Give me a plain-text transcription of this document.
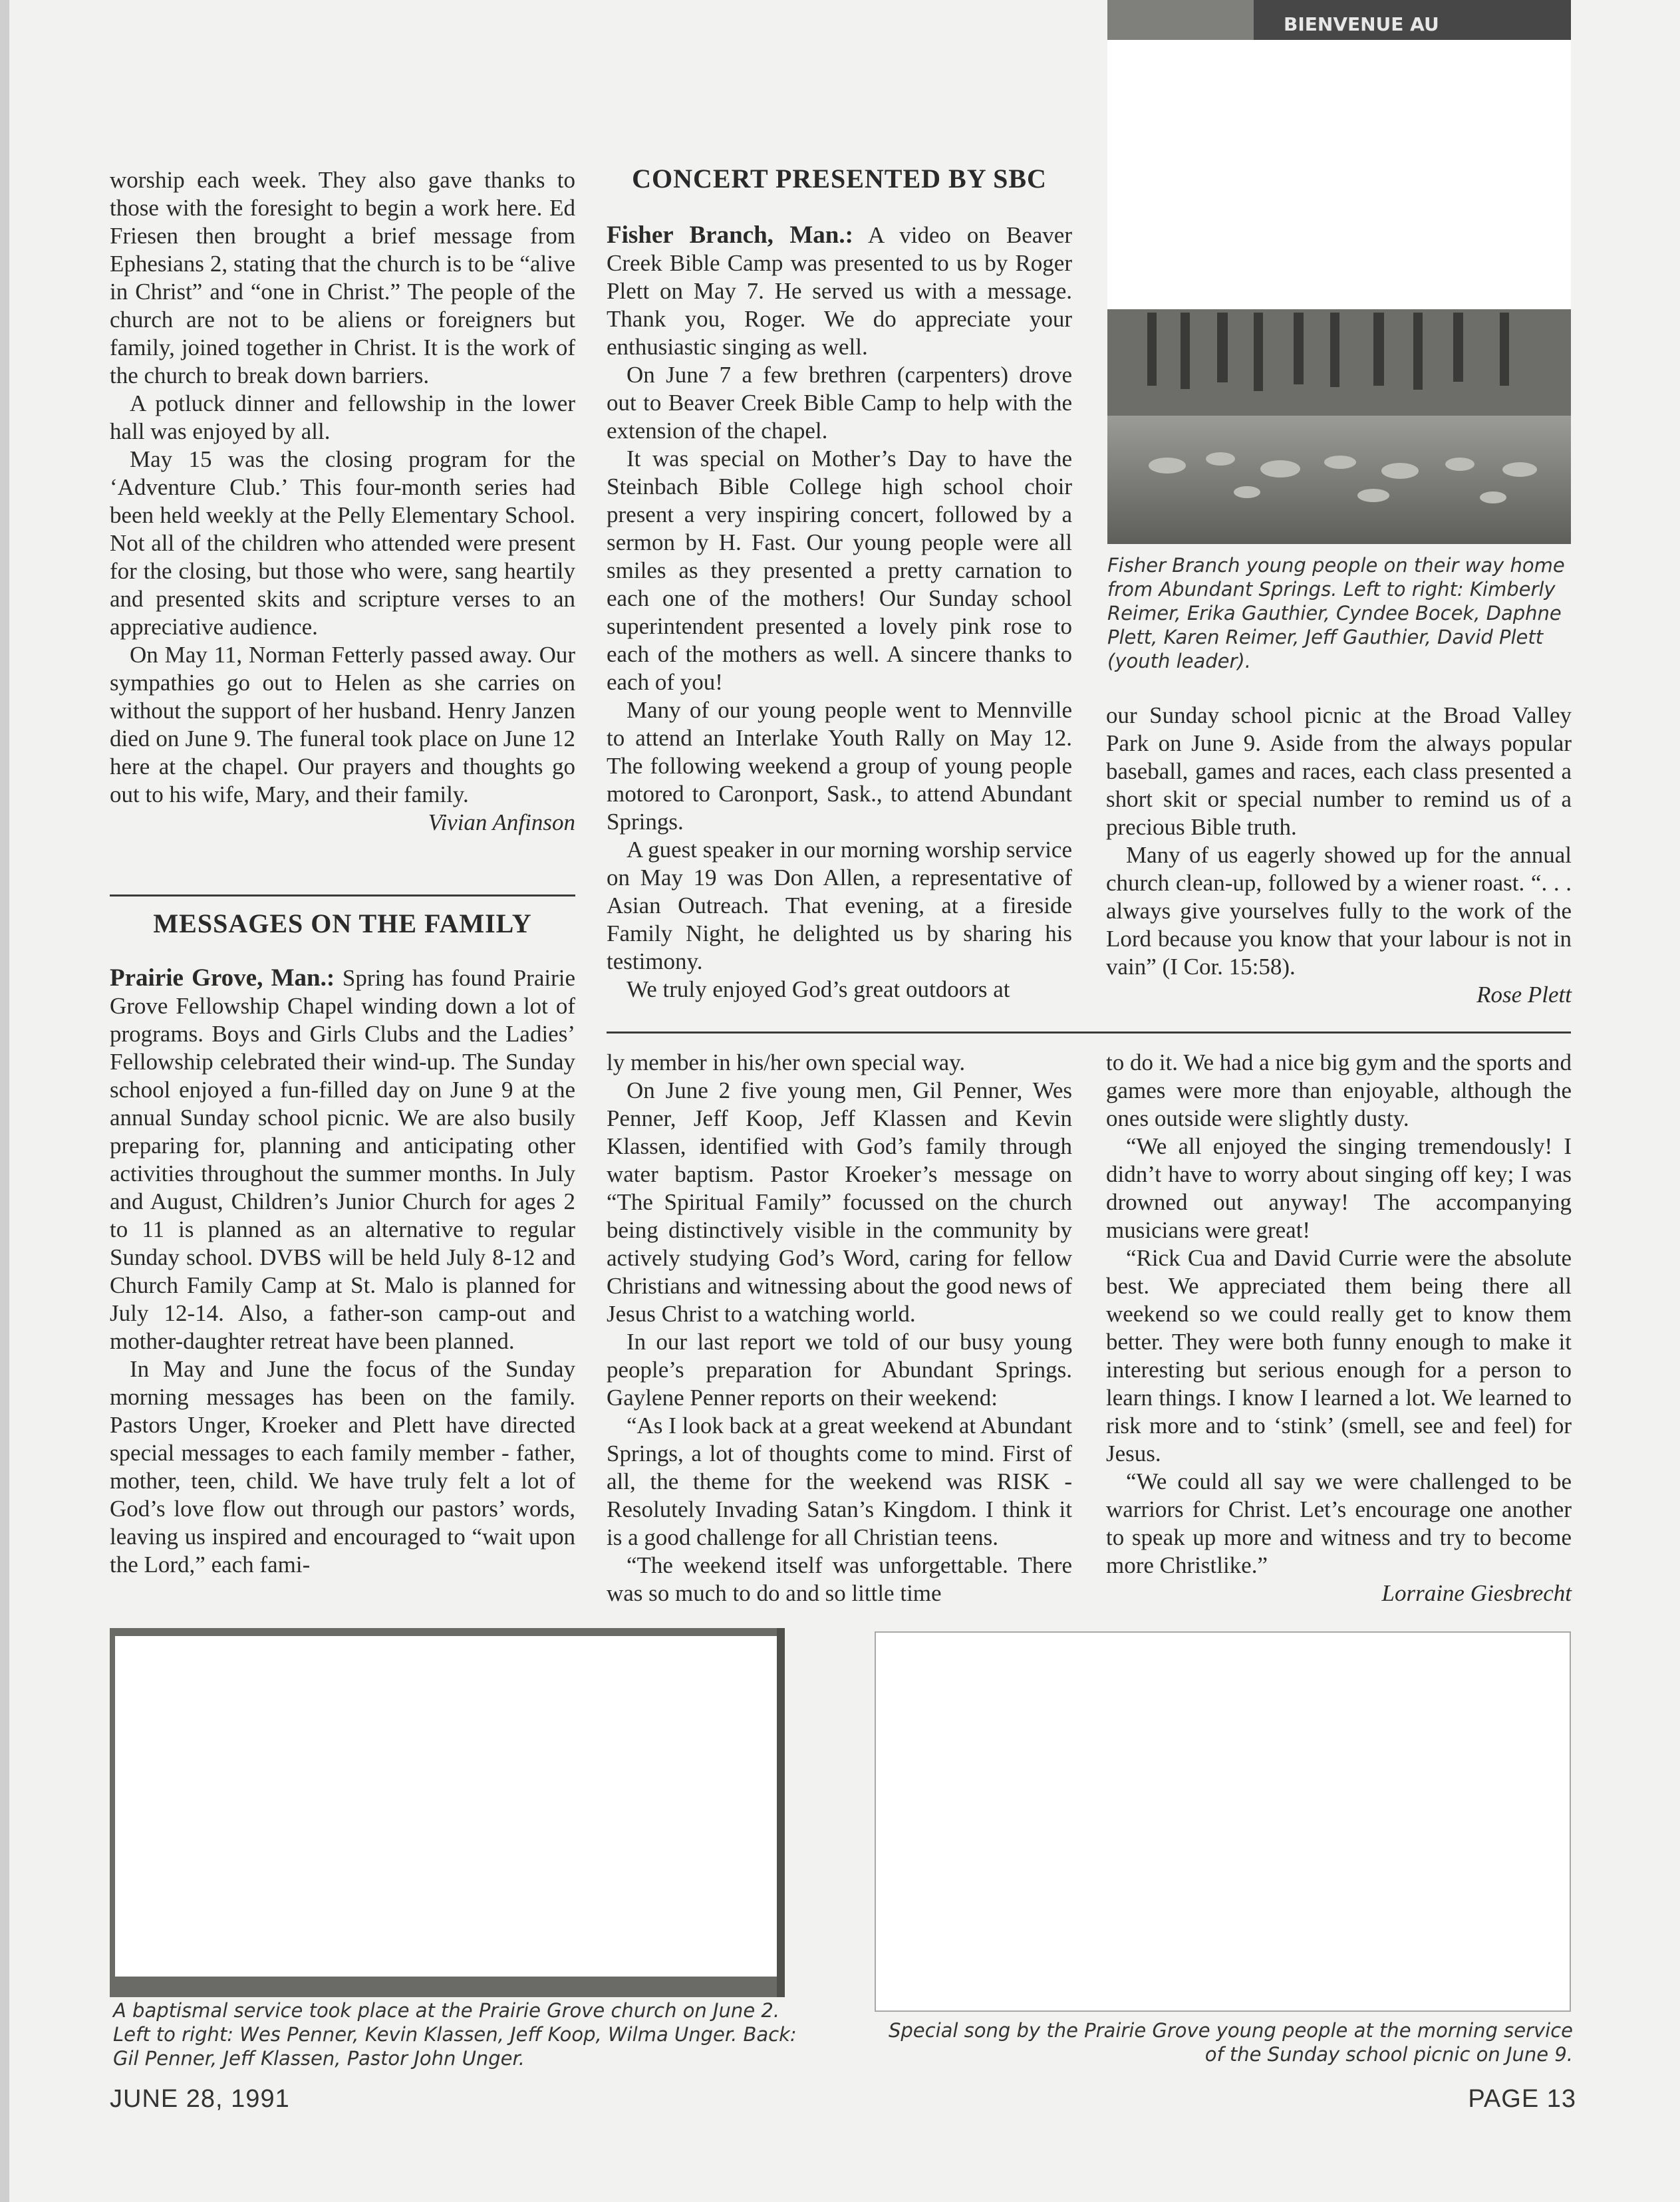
worship each week. They also gave thanks to those with the foresight to begin a work here. Ed Friesen then brought a brief message from Ephesians 2, stating that the church is to be “alive in Christ” and “one in Christ.” The people of the church are not to be aliens or foreigners but family, joined together in Christ. It is the work of the church to break down barriers.

A potluck dinner and fellowship in the lower hall was enjoyed by all.

May 15 was the closing program for the ‘Adventure Club.’ This four-month series had been held weekly at the Pelly Elementary School. Not all of the children who attended were present for the closing, but those who were, sang heartily and presented skits and scripture verses to an appreciative audience.

On May 11, Norman Fetterly passed away. Our sympathies go out to Helen as she carries on without the support of her husband. Henry Janzen died on June 9. The funeral took place on June 12 here at the chapel. Our prayers and thoughts go out to his wife, Mary, and their family.

Vivian Anfinson

MESSAGES ON THE FAMILY

Prairie Grove, Man.: Spring has found Prairie Grove Fellowship Chapel winding down a lot of programs. Boys and Girls Clubs and the Ladies’ Fellowship celebrated their wind-up. The Sunday school enjoyed a fun-filled day on June 9 at the annual Sunday school picnic. We are also busily preparing for, planning and anticipating other activities throughout the summer months. In July and August, Children’s Junior Church for ages 2 to 11 is planned as an alternative to regular Sunday school. DVBS will be held July 8-12 and Church Family Camp at St. Malo is planned for July 12-14. Also, a father-son camp-out and mother-daughter retreat have been planned.

In May and June the focus of the Sunday morning messages has been on the family. Pastors Unger, Kroeker and Plett have directed special messages to each family member - father, mother, teen, child. We have truly felt a lot of God’s love flow out through our pastors’ words, leaving us inspired and encouraged to “wait upon the Lord,” each fami-

CONCERT PRESENTED BY SBC

Fisher Branch, Man.: A video on Beaver Creek Bible Camp was presented to us by Roger Plett on May 7. He served us with a message. Thank you, Roger. We do appreciate your enthusiastic singing as well.

On June 7 a few brethren (carpenters) drove out to Beaver Creek Bible Camp to help with the extension of the chapel.

It was special on Mother’s Day to have the Steinbach Bible College high school choir present a very inspiring concert, followed by a sermon by H. Fast. Our young people were all smiles as they presented a pretty carnation to each one of the mothers! Our Sunday school superintendent presented a lovely pink rose to each of the mothers as well. A sincere thanks to each of you!

Many of our young people went to Mennville to attend an Interlake Youth Rally on May 12. The following weekend a group of young people motored to Caronport, Sask., to attend Abundant Springs.

A guest speaker in our morning worship service on May 19 was Don Allen, a representative of Asian Outreach. That evening, at a fireside Family Night, he delighted us by sharing his testimony.

We truly enjoyed God’s great outdoors at

BIENVENUE AU
Fisher Branch young people on their way home from Abundant Springs. Left to right: Kimberly Reimer, Erika Gauthier, Cyndee Bocek, Daphne Plett, Karen Reimer, Jeff Gauthier, David Plett (youth leader).

our Sunday school picnic at the Broad Valley Park on June 9. Aside from the always popular baseball, games and races, each class presented a short skit or special number to remind us of a precious Bible truth.

Many of us eagerly showed up for the annual church clean-up, followed by a wiener roast. “. . . always give yourselves fully to the work of the Lord because you know that your labour is not in vain” (I Cor. 15:58).

Rose Plett

ly member in his/her own special way.

On June 2 five young men, Gil Penner, Wes Penner, Jeff Koop, Jeff Klassen and Kevin Klassen, identified with God’s family through water baptism. Pastor Kroeker’s message on “The Spiritual Family” focussed on the church being distinctively visible in the community by actively studying God’s Word, caring for fellow Christians and witnessing about the good news of Jesus Christ to a watching world.

In our last report we told of our busy young people’s preparation for Abundant Springs. Gaylene Penner reports on their weekend:

“As I look back at a great weekend at Abundant Springs, a lot of thoughts come to mind. First of all, the theme for the weekend was RISK - Resolutely Invading Satan’s Kingdom. I think it is a good challenge for all Christian teens.

“The weekend itself was unforgettable. There was so much to do and so little time

to do it. We had a nice big gym and the sports and games were more than enjoyable, although the ones outside were slightly dusty.

“We all enjoyed the singing tremendously! I didn’t have to worry about singing off key; I was drowned out anyway! The accompanying musicians were great!

“Rick Cua and David Currie were the absolute best. We appreciated them being there all weekend so we could really get to know them better. They were both funny enough to make it interesting but serious enough for a person to learn things. I know I learned a lot. We learned to risk more and to ‘stink’ (smell, see and feel) for Jesus.

“We could all say we were challenged to be warriors for Christ. Let’s encourage one another to speak up more and witness and try to become more Christlike.”

Lorraine Giesbrecht

A baptismal service took place at the Prairie Grove church on June 2. Left to right: Wes Penner, Kevin Klassen, Jeff Koop, Wilma Unger. Back: Gil Penner, Jeff Klassen, Pastor John Unger.
Special song by the Prairie Grove young people at the morning service of the Sunday school picnic on June 9.
JUNE 28, 1991	PAGE 13
